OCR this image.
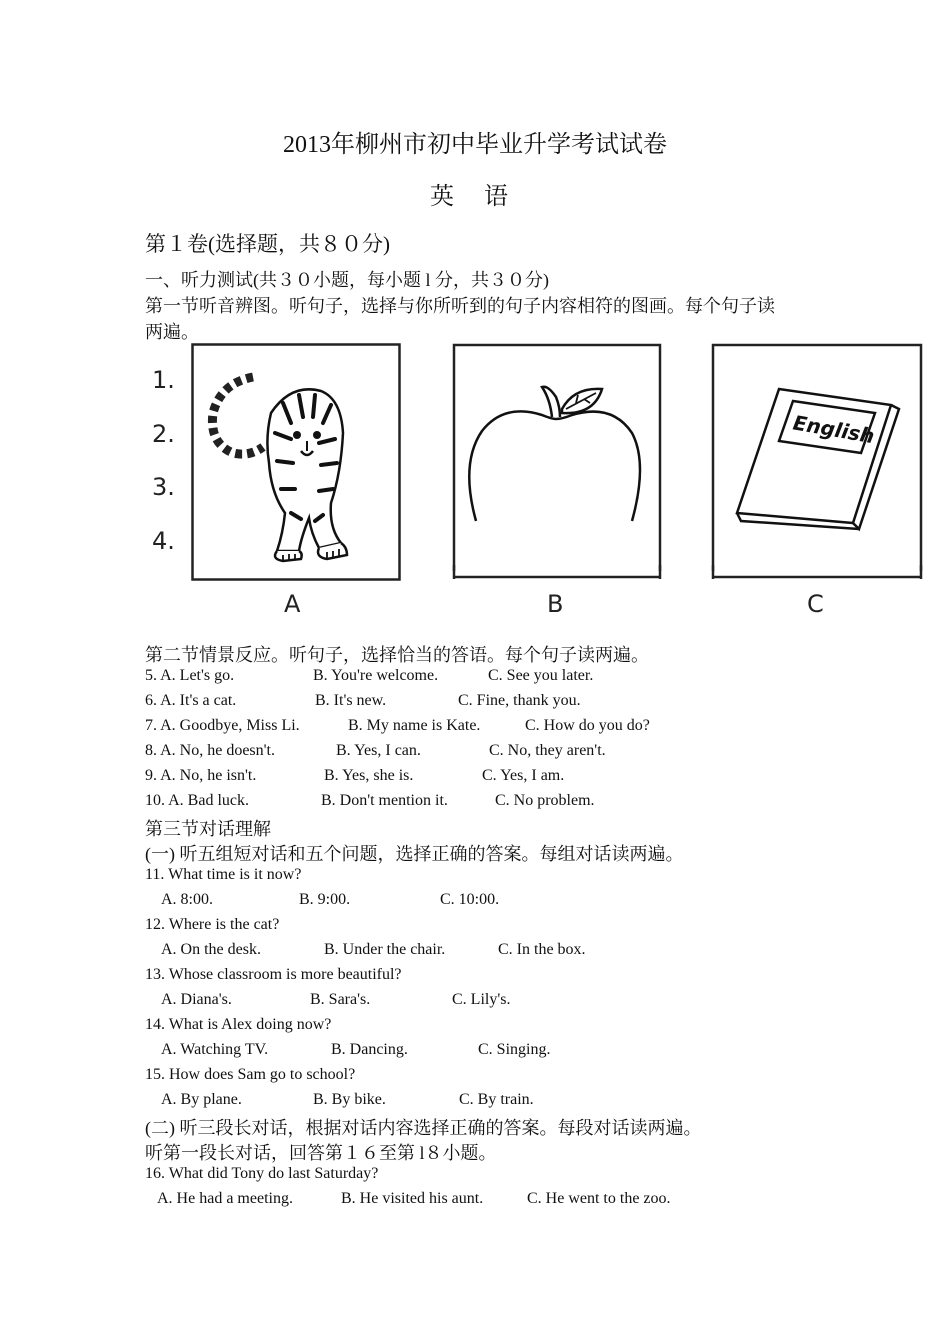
2013年柳州市初中毕业升学考试试卷
英 语
第１卷(选择题，共８０分)
一、听力测试(共３０小题，每小题 l 分，共３０分)
第一节听音辨图。听句子，选择与你所听到的句子内容相符的图画。每个句子读
两遍。
1.
2.
3.
4.
English
A	B	C
第二节情景反应。听句子，选择恰当的答语。每个句子读两遍。
5. A. Let's go.	B. You're welcome.	C. See you later.
6. A. It's a cat.	B. It's new.	C. Fine, thank you.
7. A. Goodbye, Miss Li.	B. My name is Kate.	C. How do you do?
8. A. No, he doesn't.	B. Yes, I can.	C. No, they aren't.
9. A. No, he isn't.	B. Yes, she is.	C. Yes, I am.
10. A. Bad luck.	B. Don't mention it.	C. No problem.
第三节对话理解
(一) 听五组短对话和五个问题，选择正确的答案。每组对话读两遍。
11. What time is it now?
A. 8:00.	B. 9:00.	C. 10:00.
12. Where is the cat?
A. On the desk.	B. Under the chair.	C. In the box.
13. Whose classroom is more beautiful?
A. Diana's.	B. Sara's.	C. Lily's.
14. What is Alex doing now?
A. Watching TV.	B. Dancing.	C. Singing.
15. How does Sam go to school?
A. By plane.	B. By bike.	C. By train.
(二) 听三段长对话，根据对话内容选择正确的答案。每段对话读两遍。
听第一段长对话，回答第１６至第 l８小题。
16. What did Tony do last Saturday?
A. He had a meeting.	B. He visited his aunt.	C. He went to the zoo.
